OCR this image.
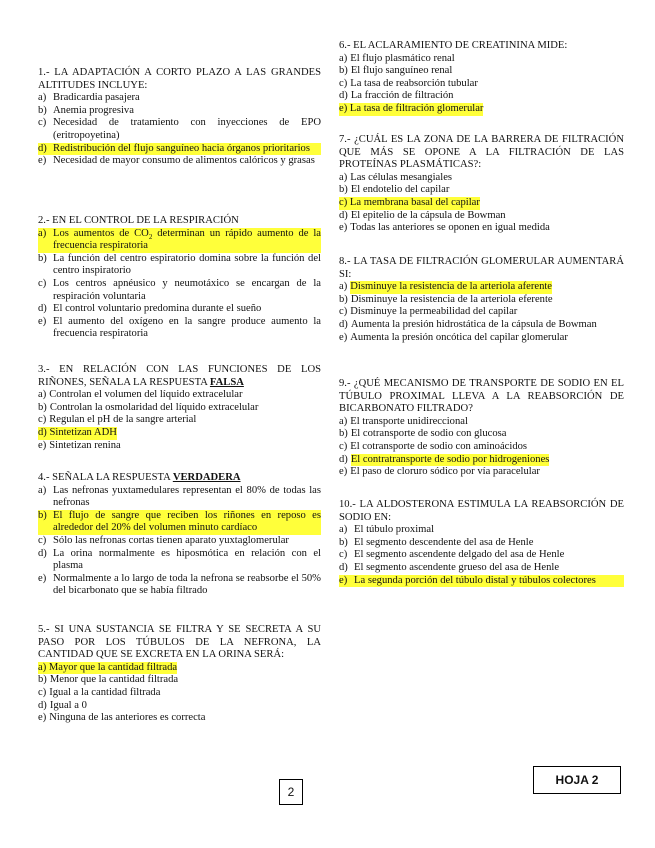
1.- LA ADAPTACIÓN A CORTO PLAZO A LAS GRANDES ALTITUDES INCLUYE:
a) Bradicardia pasajera
b) Anemia progresiva
c) Necesidad de tratamiento con inyecciones de EPO (eritropoyetina)
d) Redistribución del flujo sanguíneo hacia órganos prioritarios
e) Necesidad de mayor consumo de alimentos calóricos y grasas
2.- EN EL CONTROL DE LA RESPIRACIÓN
a) Los aumentos de $CO_2$ determinan un rápido aumento de la frecuencia respiratoria
b) La función del centro espiratorio domina sobre la función del centro inspiratorio
c) Los centros apnéusico y neumotáxico se encargan de la respiración voluntaria
d) El control voluntario predomina durante el sueño
e) El aumento del oxígeno en la sangre produce aumento la frecuencia respiratoria
3.- EN RELACIÓN CON LAS FUNCIONES DE LOS RIÑONES, SEÑALA LA RESPUESTA FALSA
a) Controlan el volumen del líquido extracelular
b) Controlan la osmolaridad del líquido extracelular
c) Regulan el pH de la sangre arterial
d) Sintetizan ADH
e) Sintetizan renina
4.- SEÑALA LA RESPUESTA VERDADERA
a) Las nefronas yuxtamedulares representan el 80% de todas las nefronas
b) El flujo de sangre que reciben los riñones en reposo es alrededor del 20% del volumen minuto cardíaco
c) Sólo las nefronas cortas tienen aparato yuxtaglomerular
d) La orina normalmente es hiposmótica en relación con el plasma
e) Normalmente a lo largo de toda la nefrona se reabsorbe el 50% del bicarbonato que se había filtrado
5.- SI UNA SUSTANCIA SE FILTRA Y SE SECRETA A SU PASO POR LOS TÚBULOS DE LA NEFRONA, LA CANTIDAD QUE SE EXCRETA EN LA ORINA SERÁ:
a) Mayor que la cantidad filtrada
b) Menor que la cantidad filtrada
c) Igual a la cantidad filtrada
d) Igual a 0
e) Ninguna de las anteriores es correcta
6.- EL ACLARAMIENTO DE CREATININA MIDE:
a) El flujo plasmático renal
b) El flujo sanguíneo renal
c) La tasa de reabsorción tubular
d) La fracción de filtración
e) La tasa de filtración glomerular
7.- ¿CUÁL ES LA ZONA DE LA BARRERA DE FILTRACIÓN QUE MÁS SE OPONE A LA FILTRACIÓN DE LAS PROTEÍNAS PLASMÁTICAS?:
a) Las células mesangiales
b) El endotelio del capilar
c) La membrana basal del capilar
d) El epitelio de la cápsula de Bowman
e) Todas las anteriores se oponen en igual medida
8.- LA TASA DE FILTRACIÓN GLOMERULAR AUMENTARÁ SI:
a) Disminuye la resistencia de la arteriola aferente
b) Disminuye la resistencia de la arteriola eferente
c) Disminuye la permeabilidad del capilar
d) Aumenta la presión hidrostática de la cápsula de Bowman
e) Aumenta la presión oncótica del capilar glomerular
9.- ¿QUÉ MECANISMO DE TRANSPORTE DE SODIO EN EL TÚBULO PROXIMAL LLEVA A LA REABSORCIÓN DE BICARBONATO FILTRADO?
a) El transporte unidireccional
b) El cotransporte de sodio con glucosa
c) El cotransporte de sodio con aminoácidos
d) El contratransporte de sodio por hidrogeniones
e) El paso de cloruro sódico por vía paracelular
10.- LA ALDOSTERONA ESTIMULA LA REABSORCIÓN DE SODIO EN:
a) El túbulo proximal
b) El segmento descendente del asa de Henle
c) El segmento ascendente delgado del asa de Henle
d) El segmento ascendente grueso del asa de Henle
e) La segunda porción del túbulo distal y túbulos colectores
2
HOJA 2
